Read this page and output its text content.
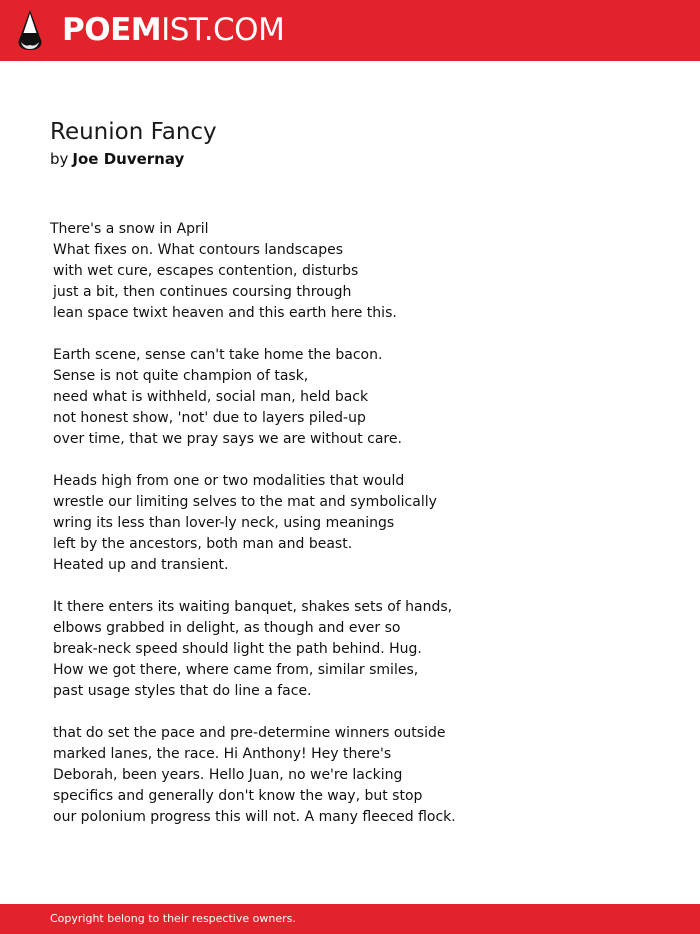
POEMIST.COM
Reunion Fancy
by Joe Duvernay
There's a snow in April
What fixes on. What contours landscapes
with wet cure, escapes contention, disturbs
just a bit, then continues coursing through
lean space twixt heaven and this earth here this.
Earth scene, sense can't take home the bacon.
Sense is not quite champion of task,
need what is withheld, social man, held back
not honest show, 'not' due to layers piled-up
over time, that we pray says we are without care.
Heads high from one or two modalities that would
wrestle our limiting selves to the mat and symbolically
wring its less than lover-ly neck, using meanings
left by the ancestors, both man and beast.
Heated up and transient.
It there enters its waiting banquet, shakes sets of hands,
elbows grabbed in delight, as though and ever so
break-neck speed should light the path behind. Hug.
How we got there, where came from, similar smiles,
past usage styles that do line a face.
that do set the pace and pre-determine winners outside
marked lanes, the race. Hi Anthony! Hey there's
Deborah, been years. Hello Juan, no we're lacking
specifics and generally don't know the way, but stop
our polonium progress this will not. A many fleeced flock.
Copyright belong to their respective owners.
